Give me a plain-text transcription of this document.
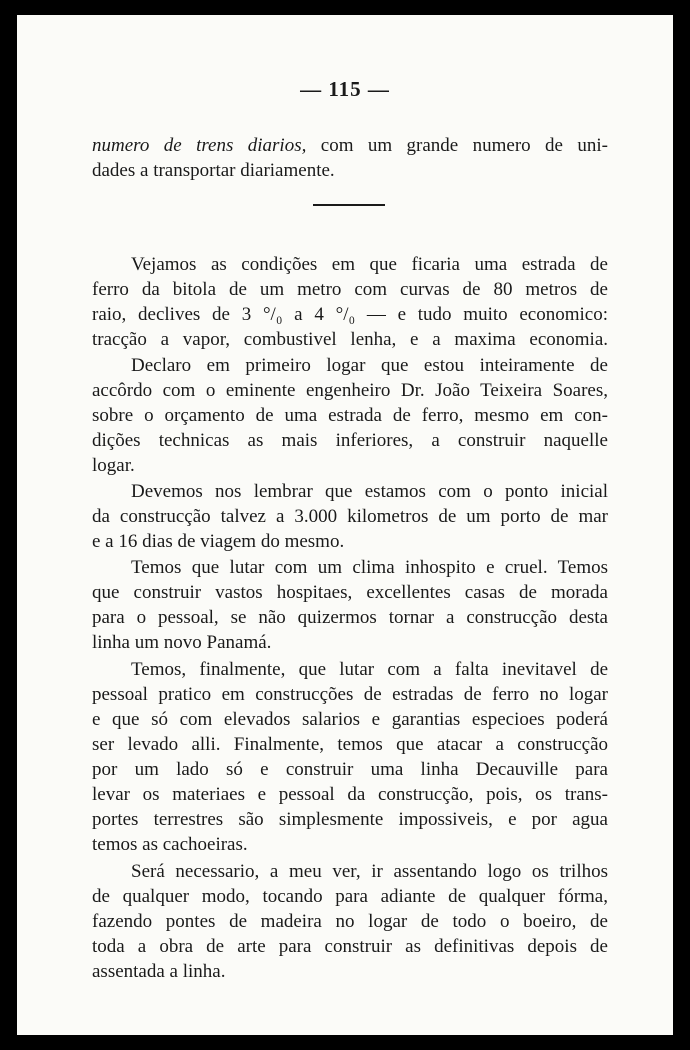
— 115 —
numero de trens diarios, com um grande numero de uni-
dades a transportar diariamente.
Vejamos as condições em que ficaria uma estrada de
ferro da bitola de um metro com curvas de 80 metros de
raio, declives de 3 °/₀ a 4 °/₀ — e tudo muito economico:
tracção a vapor, combustivel lenha, e a maxima economia.
Declaro em primeiro logar que estou inteiramente de
accôrdo com o eminente engenheiro Dr. João Teixeira Soares,
sobre o orçamento de uma estrada de ferro, mesmo em con-
dições technicas as mais inferiores, a construir naquelle
logar.
Devemos nos lembrar que estamos com o ponto inicial
da construcção talvez a 3.000 kilometros de um porto de mar
e a 16 dias de viagem do mesmo.
Temos que lutar com um clima inhospito e cruel. Temos
que construir vastos hospitaes, excellentes casas de morada
para o pessoal, se não quizermos tornar a construcção desta
linha um novo Panamá.
Temos, finalmente, que lutar com a falta inevitavel de
pessoal pratico em construcções de estradas de ferro no logar
e que só com elevados salarios e garantias especioes poderá
ser levado alli. Finalmente, temos que atacar a construcção
por um lado só e construir uma linha Decauville para
levar os materiaes e pessoal da construcção, pois, os trans-
portes terrestres são simplesmente impossiveis, e por agua
temos as cachoeiras.
Será necessario, a meu ver, ir assentando logo os trilhos
de qualquer modo, tocando para adiante de qualquer fórma,
fazendo pontes de madeira no logar de todo o boeiro, de
toda a obra de arte para construir as definitivas depois de
assentada a linha.
